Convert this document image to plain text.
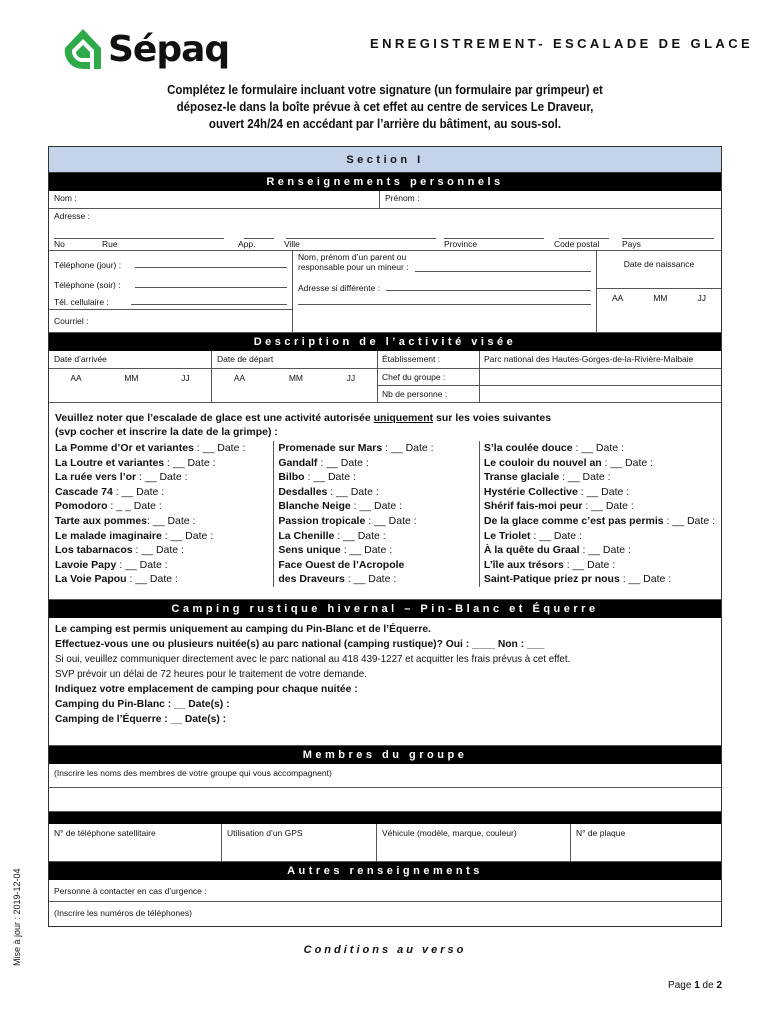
Sépaq	ENREGISTREMENT- ESCALADE DE GLACE
Complétez le formulaire incluant votre signature (un formulaire par grimpeur) et
déposez-le dans la boîte prévue à cet effet au centre de services Le Draveur,
ouvert 24h/24 en accédant par l’arrière du bâtiment, au sous-sol.
Section I
Renseignements personnels
Nom :	Prénom :
Adresse :
No	Rue	App.	Ville	Province	Code postal	Pays
Téléphone (jour) :
Téléphone (soir) :
Tél. cellulaire :
Courriel :
Nom, prénom d’un parent ou
responsable pour un mineur :
Adresse si différente :
Date de naissance
AA	MM	JJ
Description de l’activité visée
Date d’arrivée
AA	MM	JJ
Date de départ
AA	MM	JJ
Établissement :	Parc national des Hautes-Gorges-de-la-Rivière-Malbaie
Chef du groupe :
Nb de personne :
Veuillez noter que l’escalade de glace est une activité autorisée uniquement sur les voies suivantes
(svp cocher et inscrire la date de la grimpe) :
La Pomme d’Or et variantes : __ Date :
La Loutre et variantes : __ Date :
La ruée vers l’or : __ Date :
Cascade 74 : __ Date :
Pomodoro : _ _ Date :
Tarte aux pommes: __ Date :
Le malade imaginaire : __ Date :
Los tabarnacos : __ Date :
Lavoie Papy : __ Date :
La Voie Papou : __ Date :
Promenade sur Mars : __ Date :
Gandalf : __ Date :
Bilbo : __ Date :
Desdalles : __ Date :
Blanche Neige : __ Date :
Passion tropicale : __ Date :
La Chenille : __ Date :
Sens unique : __ Date :
Face Ouest de l’Acropole
des Draveurs : __ Date :
S’la coulée douce : __ Date :
Le couloir du nouvel an : __ Date :
Transe glaciale : __ Date :
Hystérie Collective : __ Date :
Shérif fais-moi peur : __ Date :
De la glace comme c’est pas permis : __ Date :
Le Triolet : __ Date :
À la quête du Graal : __ Date :
L’île aux trésors : __ Date :
Saint-Patique priez pr nous : __ Date :
Camping rustique hivernal – Pin-Blanc et Équerre
Le camping est permis uniquement au camping du Pin-Blanc et de l’Équerre.
Effectuez-vous une ou plusieurs nuitée(s) au parc national (camping rustique)? Oui : ____ Non : ___
Si oui, veuillez communiquer directement avec le parc national au 418 439-1227 et acquitter les frais prévus à cet effet.
SVP prévoir un délai de 72 heures pour le traitement de votre demande.
Indiquez votre emplacement de camping pour chaque nuitée :
Camping du Pin-Blanc : __ Date(s) :
Camping de l’Équerre : __ Date(s) :
Membres du groupe
(Inscrire les noms des membres de votre groupe qui vous accompagnent)
N° de téléphone satellitaire	Utilisation d’un GPS	Véhicule (modèle, marque, couleur)	N° de plaque
Autres renseignements
Personne à contacter en cas d’urgence :
(Inscrire les numéros de téléphones)
Conditions au verso
Page 1 de 2
Mise à jour : 2019-12-04
